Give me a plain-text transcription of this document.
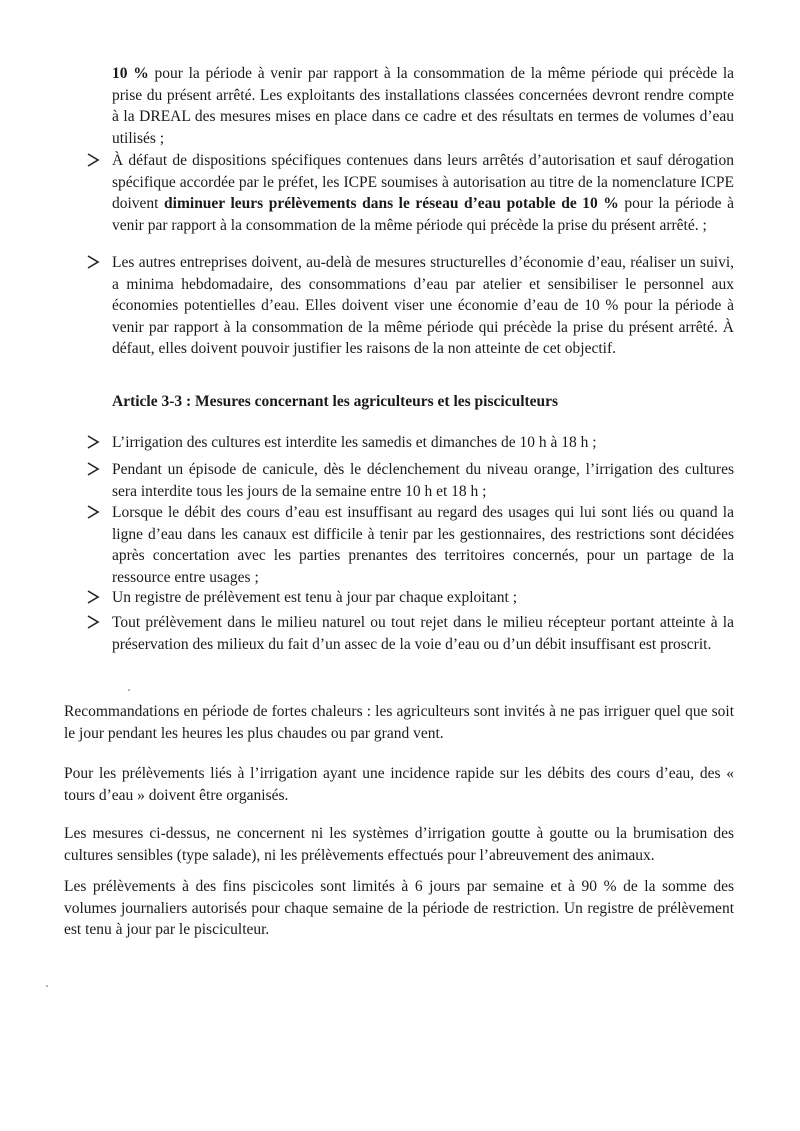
10 % pour la période à venir par rapport à la consommation de la même période qui précède la prise du présent arrêté. Les exploitants des installations classées concernées devront rendre compte à la DREAL des mesures mises en place dans ce cadre et des résultats en termes de volumes d’eau utilisés ;
À défaut de dispositions spécifiques contenues dans leurs arrêtés d’autorisation et sauf dérogation spécifique accordée par le préfet, les ICPE soumises à autorisation au titre de la nomenclature ICPE doivent diminuer leurs prélèvements dans le réseau d’eau potable de 10 % pour la période à venir par rapport à la consommation de la même période qui précède la prise du présent arrêté. ;
Les autres entreprises doivent, au-delà de mesures structurelles d’économie d’eau, réaliser un suivi, a minima hebdomadaire, des consommations d’eau par atelier et sensibiliser le personnel aux économies potentielles d’eau. Elles doivent viser une économie d’eau de 10 % pour la période à venir par rapport à la consommation de la même période qui précède la prise du présent arrêté. À défaut, elles doivent pouvoir justifier les raisons de la non atteinte de cet objectif.
Article 3-3 : Mesures concernant les agriculteurs et les pisciculteurs
L’irrigation des cultures est interdite les samedis et dimanches de 10 h à 18 h ;
Pendant un épisode de canicule, dès le déclenchement du niveau orange, l’irrigation des cultures sera interdite tous les jours de la semaine entre 10 h et 18 h ;
Lorsque le débit des cours d’eau est insuffisant au regard des usages qui lui sont liés ou quand la ligne d’eau dans les canaux est difficile à tenir par les gestionnaires, des restrictions sont décidées après concertation avec les parties prenantes des territoires concernés, pour un partage de la ressource entre usages ;
Un registre de prélèvement est tenu à jour par chaque exploitant ;
Tout prélèvement dans le milieu naturel ou tout rejet dans le milieu récepteur portant atteinte à la préservation des milieux du fait d’un assec de la voie d’eau ou d’un débit insuffisant est proscrit.
Recommandations en période de fortes chaleurs : les agriculteurs sont invités à ne pas irriguer quel que soit le jour pendant les heures les plus chaudes ou par grand vent.
Pour les prélèvements liés à l’irrigation ayant une incidence rapide sur les débits des cours d’eau, des « tours d’eau » doivent être organisés.
Les mesures ci-dessus, ne concernent ni les systèmes d’irrigation goutte à goutte ou la brumisation des cultures sensibles (type salade), ni les prélèvements effectués pour l’abreuvement des animaux.
Les prélèvements à des fins piscicoles sont limités à 6 jours par semaine et à 90 % de la somme des volumes journaliers autorisés pour chaque semaine de la période de restriction. Un registre de prélèvement est tenu à jour par le pisciculteur.
